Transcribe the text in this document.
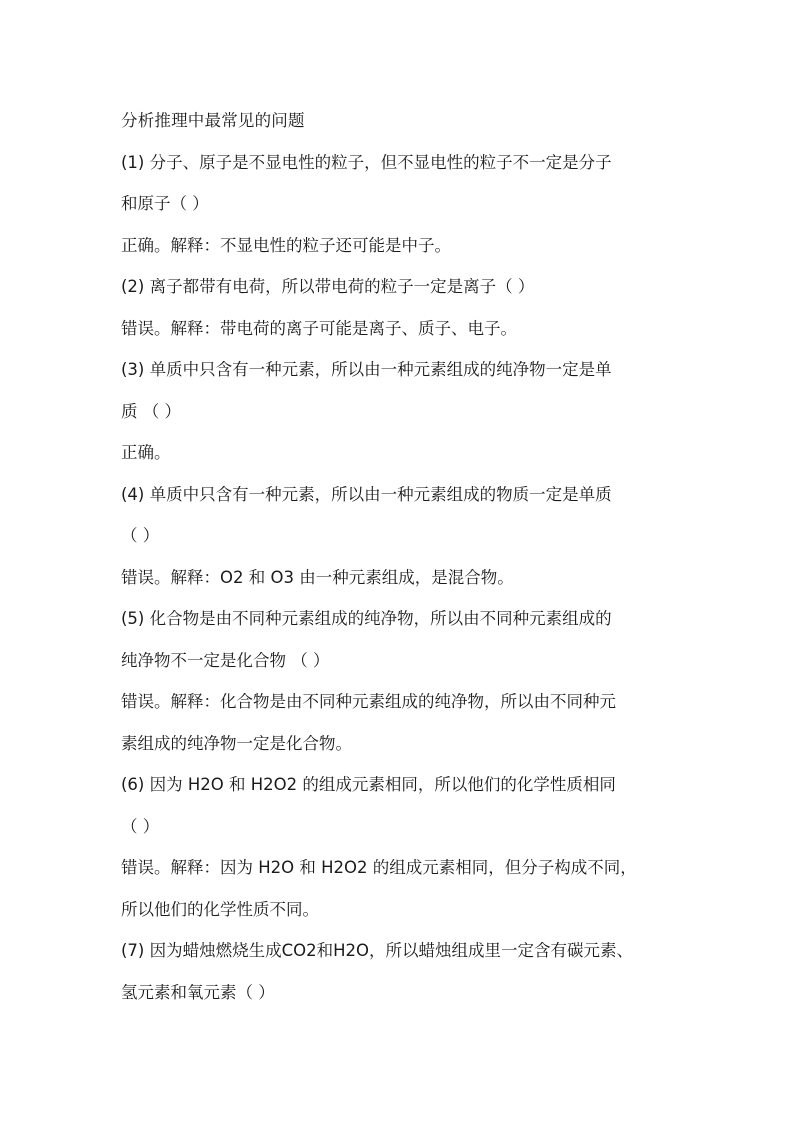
分析推理中最常见的问题
(1) 分子、原子是不显电性的粒子，但不显电性的粒子不一定是分子
和原子（ ）
正确。解释：不显电性的粒子还可能是中子。
(2) 离子都带有电荷，所以带电荷的粒子一定是离子（ ）
错误。解释：带电荷的离子可能是离子、质子、电子。
(3) 单质中只含有一种元素，所以由一种元素组成的纯净物一定是单
质 （ ）
正确。
(4) 单质中只含有一种元素，所以由一种元素组成的物质一定是单质
（ ）
错误。解释：O2 和 O3 由一种元素组成，是混合物。
(5) 化合物是由不同种元素组成的纯净物，所以由不同种元素组成的
纯净物不一定是化合物 （ ）
错误。解释：化合物是由不同种元素组成的纯净物，所以由不同种元
素组成的纯净物一定是化合物。
(6) 因为 H2O 和 H2O2 的组成元素相同，所以他们的化学性质相同
（ ）
错误。解释：因为 H2O 和 H2O2 的组成元素相同，但分子构成不同，
所以他们的化学性质不同。
(7) 因为蜡烛燃烧生成CO2和H2O，所以蜡烛组成里一定含有碳元素、
氢元素和氧元素（ ）
